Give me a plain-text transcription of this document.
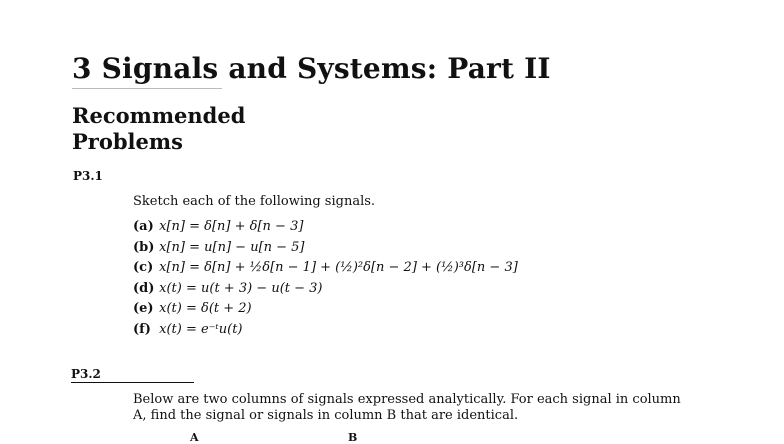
3 Signals and Systems: Part II
Recommended
Problems
P3.1
Sketch each of the following signals.
(a) x[n] = δ[n] + δ[n − 3]
(b) x[n] = u[n] − u[n − 5]
(c) x[n] = δ[n] + ½δ[n − 1] + (½)²δ[n − 2] + (½)³δ[n − 3]
(d) x(t) = u(t + 3) − u(t − 3)
(e) x(t) = δ(t + 2)
(f) x(t) = e⁻ᵗu(t)
P3.2
Below are two columns of signals expressed analytically. For each signal in column
A, find the signal or signals in column B that are identical.
A	B
